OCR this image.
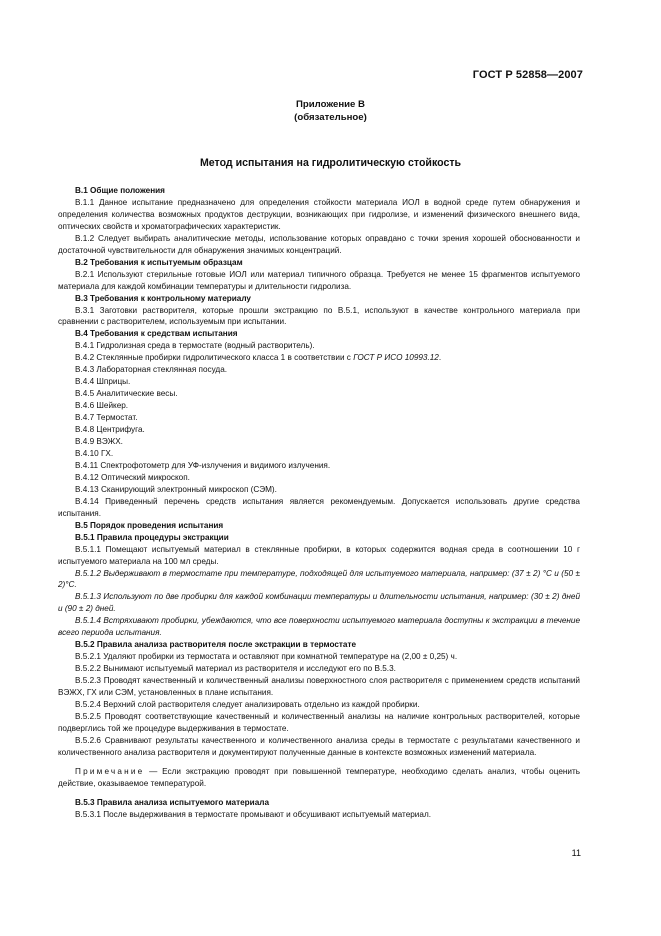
ГОСТ Р 52858—2007
Приложение В
(обязательное)
Метод испытания на гидролитическую стойкость

В.1 Общие положения

В.1.1 Данное испытание предназначено для определения стойкости материала ИОЛ в водной среде путем обнаружения и определения количества возможных продуктов деструкции, возникающих при гидролизе, и изменений физического внешнего вида, оптических свойств и хроматографических характеристик.

В.1.2 Следует выбирать аналитические методы, использование которых оправдано с точки зрения хорошей обоснованности и достаточной чувствительности для обнаружения значимых концентраций.

В.2 Требования к испытуемым образцам

В.2.1 Используют стерильные готовые ИОЛ или материал типичного образца. Требуется не менее 15 фрагментов испытуемого материала для каждой комбинации температуры и длительности гидролиза.

В.3 Требования к контрольному материалу

В.3.1 Заготовки растворителя, которые прошли экстракцию по В.5.1, используют в качестве контрольного материала при сравнении с растворителем, используемым при испытании.

В.4 Требования к средствам испытания

В.4.1 Гидролизная среда в термостате (водный растворитель).

В.4.2 Стеклянные пробирки гидролитического класса 1 в соответствии с ГОСТ Р ИСО 10993.12.

В.4.3 Лабораторная стеклянная посуда.

В.4.4 Шприцы.

В.4.5 Аналитические весы.

В.4.6 Шейкер.

В.4.7 Термостат.

В.4.8 Центрифуга.

В.4.9 ВЭЖХ.

В.4.10 ГХ.

В.4.11 Спектрофотометр для УФ-излучения и видимого излучения.

В.4.12 Оптический микроскоп.

В.4.13 Сканирующий электронный микроскоп (СЭМ).

В.4.14 Приведенный перечень средств испытания является рекомендуемым. Допускается использовать другие средства испытания.

В.5 Порядок проведения испытания

В.5.1 Правила процедуры экстракции

В.5.1.1 Помещают испытуемый материал в стеклянные пробирки, в которых содержится водная среда в соотношении 10 г испытуемого материала на 100 мл среды.

В.5.1.2 Выдерживают в термостате при температуре, подходящей для испытуемого материала, например: (37 ± 2) °С и (50 ± 2)°С.

В.5.1.3 Используют по две пробирки для каждой комбинации температуры и длительности испытания, например: (30 ± 2) дней и (90 ± 2) дней.

В.5.1.4 Встряхивают пробирки, убеждаются, что все поверхности испытуемого материала доступны к экстракции в течение всего периода испытания.

В.5.2 Правила анализа растворителя после экстракции в термостате

В.5.2.1 Удаляют пробирки из термостата и оставляют при комнатной температуре на (2,00 ± 0,25) ч.

В.5.2.2 Вынимают испытуемый материал из растворителя и исследуют его по В.5.3.

В.5.2.3 Проводят качественный и количественный анализы поверхностного слоя растворителя с применением средств испытаний ВЭЖХ, ГХ или СЭМ, установленных в плане испытания.

В.5.2.4 Верхний слой растворителя следует анализировать отдельно из каждой пробирки.

В.5.2.5 Проводят соответствующие качественный и количественный анализы на наличие контрольных растворителей, которые подверглись той же процедуре выдерживания в термостате.

В.5.2.6 Сравнивают результаты качественного и количественного анализа среды в термостате с результатами качественного и количественного анализа растворителя и документируют полученные данные в контексте возможных изменений материала.

Примечание — Если экстракцию проводят при повышенной температуре, необходимо сделать анализ, чтобы оценить действие, оказываемое температурой.

В.5.3 Правила анализа испытуемого материала

В.5.3.1 После выдерживания в термостате промывают и обсушивают испытуемый материал.

11
